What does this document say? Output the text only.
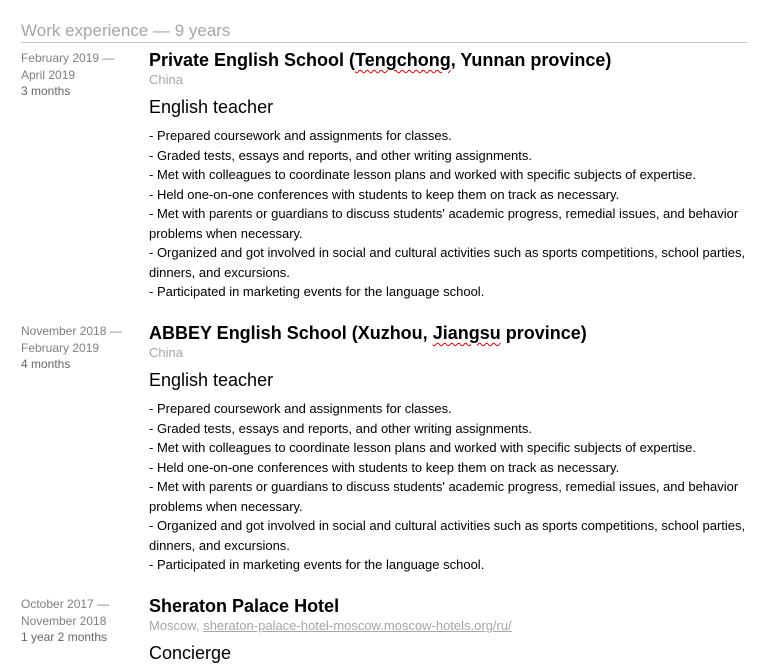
Work experience — 9 years
February 2019 —
April 2019
3 months
Private English School (Tengchong, Yunnan province)
China
English teacher
- Prepared coursework and assignments for classes.
- Graded tests, essays and reports, and other writing assignments.
- Met with colleagues to coordinate lesson plans and worked with specific subjects of expertise.
- Held one-on-one conferences with students to keep them on track as necessary.
- Met with parents or guardians to discuss students' academic progress, remedial issues, and behavior problems when necessary.
- Organized and got involved in social and cultural activities such as sports competitions, school parties, dinners, and excursions.
- Participated in marketing events for the language school.
November 2018 —
February 2019
4 months
ABBEY English School (Xuzhou, Jiangsu province)
China
English teacher
- Prepared coursework and assignments for classes.
- Graded tests, essays and reports, and other writing assignments.
- Met with colleagues to coordinate lesson plans and worked with specific subjects of expertise.
- Held one-on-one conferences with students to keep them on track as necessary.
- Met with parents or guardians to discuss students' academic progress, remedial issues, and behavior problems when necessary.
- Organized and got involved in social and cultural activities such as sports competitions, school parties, dinners, and excursions.
- Participated in marketing events for the language school.
October 2017 —
November 2018
1 year 2 months
Sheraton Palace Hotel
Moscow, sheraton-palace-hotel-moscow.moscow-hotels.org/ru/
Concierge
